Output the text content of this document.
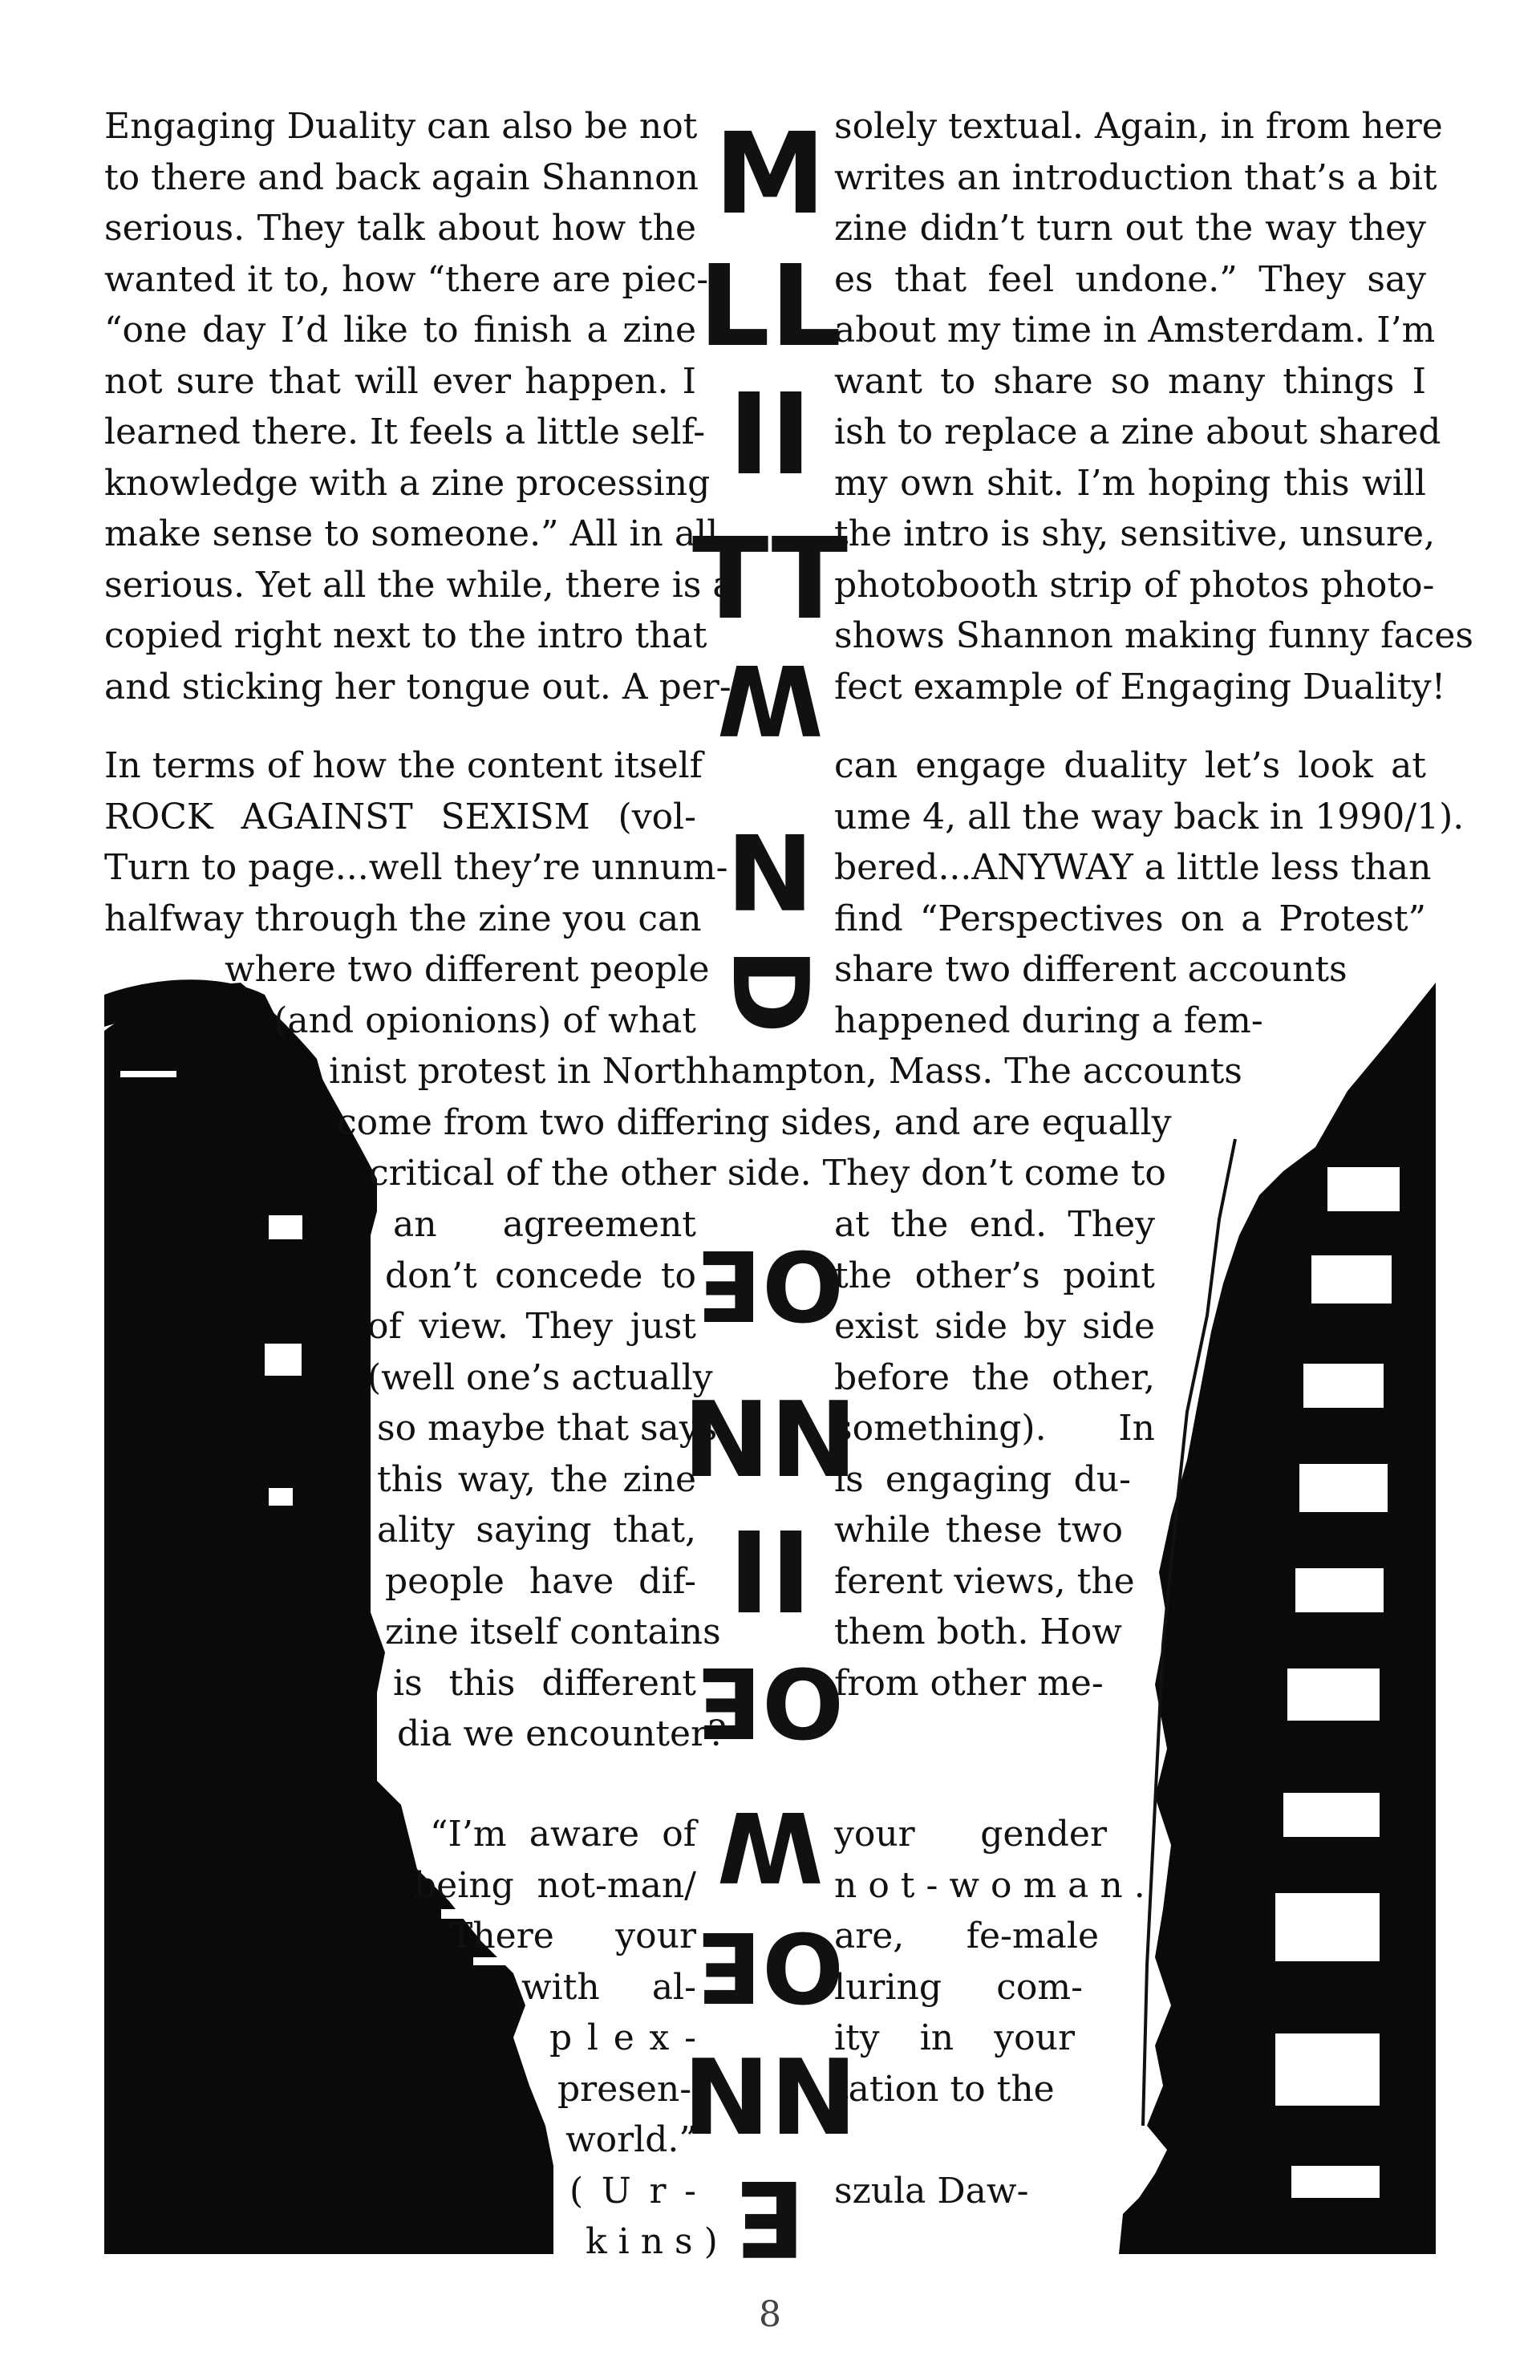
Engaging Duality can also be not
to there and back again Shannon
serious. They talk about how the
wanted it to, how “there are piec-
“one day I’d like to finish a zine
not sure that will ever happen. I
learned there. It feels a little self-
knowledge with a zine processing
make sense to someone.” All in all,
serious. Yet all the while, there is a
copied right next to the intro that
and sticking her tongue out. A per-
solely textual. Again, in from here
writes an introduction that’s a bit
zine didn’t turn out the way they
es that feel undone.” They say
about my time in Amsterdam. I’m
want to share so many things I
ish to replace a zine about shared
my own shit. I’m hoping this will
the intro is shy, sensitive, unsure,
photobooth strip of photos photo-
shows Shannon making funny faces
fect example of Engaging Duality!
In terms of how the content itself
ROCK AGAINST SEXISM (vol-
Turn to page...well they’re unnum-
halfway through the zine you can
can engage duality let’s look at
ume 4, all the way back in 1990/1).
bered...ANYWAY a little less than
find “Perspectives on a Protest”
where two different people
(and opionions) of what
share two different accounts
happened during a fem-
inist protest in Northhampton, Mass. The accounts
come from two differing sides, and are equally
critical of the other side. They don’t come to
an agreement
don’t concede to
of view. They just
(well one’s actually
so maybe that says
this way, the zine
ality saying that,
people have dif-
zine itself contains
is this different
dia we encounter?
at the end. They
the other’s point
exist side by side
before the other,
something). In
is engaging du-
while these two
ferent views, the
them both. How
from other me-
“I’m aware of
being not-man/
There your
with al-
p l e x -
presen-
world.”
( U r -
k i n s )
your gender
n o t - w o m a n .
are, fe-male
luring com-
ity in your
tation to the
szula Daw-
M
LL
II
TT
W
N
D
OE
NN
II
OE
W
OE
NN
E
8
